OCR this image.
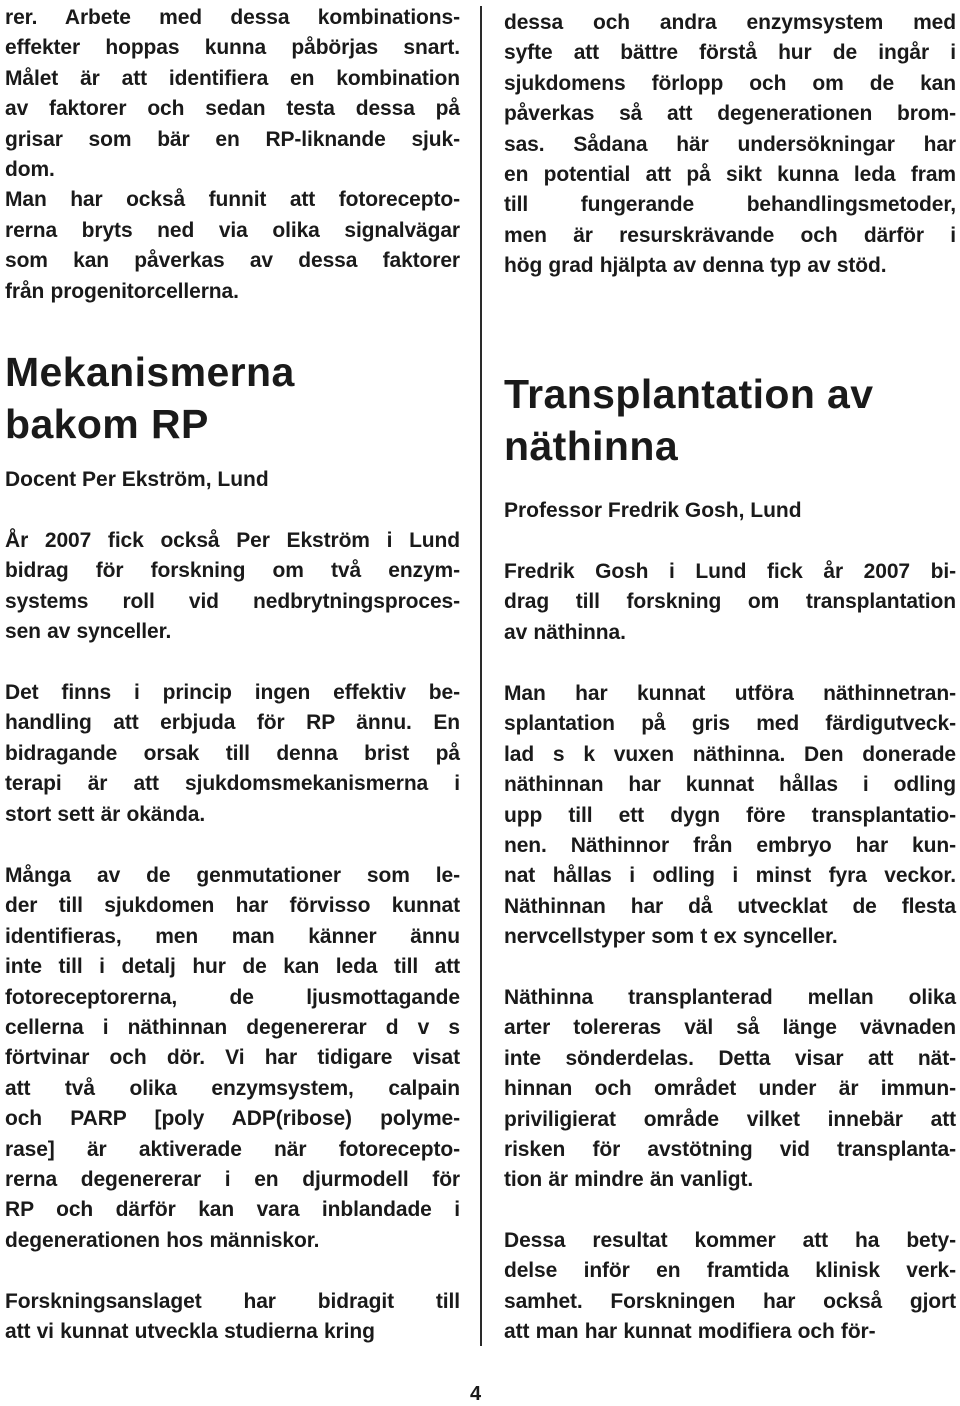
rer. Arbete med dessa kombinations-
effekter hoppas kunna påbörjas snart.
Målet är att identifiera en kombination
av faktorer och sedan testa dessa på
grisar som bär en RP-liknande sjuk-
dom.
Man har också funnit att fotorecepto-
rerna bryts ned via olika signalvägar
som kan påverkas av dessa faktorer
från progenitorcellerna.

Mekanismerna
bakom RP

Docent Per Ekström, Lund

År 2007 fick också Per Ekström i Lund
bidrag för forskning om två enzym-
systems roll vid nedbrytningsproces-
sen av synceller.

Det finns i princip ingen effektiv be-
handling att erbjuda för RP ännu. En
bidragande orsak till denna brist på
terapi är att sjukdomsmekanismerna i
stort sett är okända.

Många av de genmutationer som le-
der till sjukdomen har förvisso kunnat
identifieras, men man känner ännu
inte till i detalj hur de kan leda till att
fotoreceptorerna, de ljusmottagande
cellerna i näthinnan degenererar d v s
förtvinar och dör. Vi har tidigare visat
att två olika enzymsystem, calpain
och PARP [poly ADP(ribose) polyme-
rase] är aktiverade när fotorecepto-
rerna degenererar i en djurmodell för
RP och därför kan vara inblandade i
degenerationen hos människor.

Forskningsanslaget har bidragit till
att vi kunnat utveckla studierna kring

dessa och andra enzymsystem med
syfte att bättre förstå hur de ingår i
sjukdomens förlopp och om de kan
påverkas så att degenerationen brom-
sas. Sådana här undersökningar har
en potential att på sikt kunna leda fram
till fungerande behandlingsmetoder,
men är resurskrävande och därför i
hög grad hjälpta av denna typ av stöd.

Transplantation av
näthinna

Professor Fredrik Gosh, Lund

Fredrik Gosh i Lund fick år 2007 bi-
drag till forskning om transplantation
av näthinna.

Man har kunnat utföra näthinnetran-
splantation på gris med färdigutveck-
lad s k vuxen näthinna. Den donerade
näthinnan har kunnat hållas i odling
upp till ett dygn före transplantatio-
nen. Näthinnor från embryo har kun-
nat hållas i odling i minst fyra veckor.
Näthinnan har då utvecklat de flesta
nervcellstyper som t ex synceller.

Näthinna transplanterad mellan olika
arter tolereras väl så länge vävnaden
inte sönderdelas. Detta visar att nät-
hinnan och området under är immun-
priviligierat område vilket innebär att
risken för avstötning vid transplanta-
tion är mindre än vanligt.

Dessa resultat kommer att ha bety-
delse inför en framtida klinisk verk-
samhet. Forskningen har också gjort
att man har kunnat modifiera och för-

4
